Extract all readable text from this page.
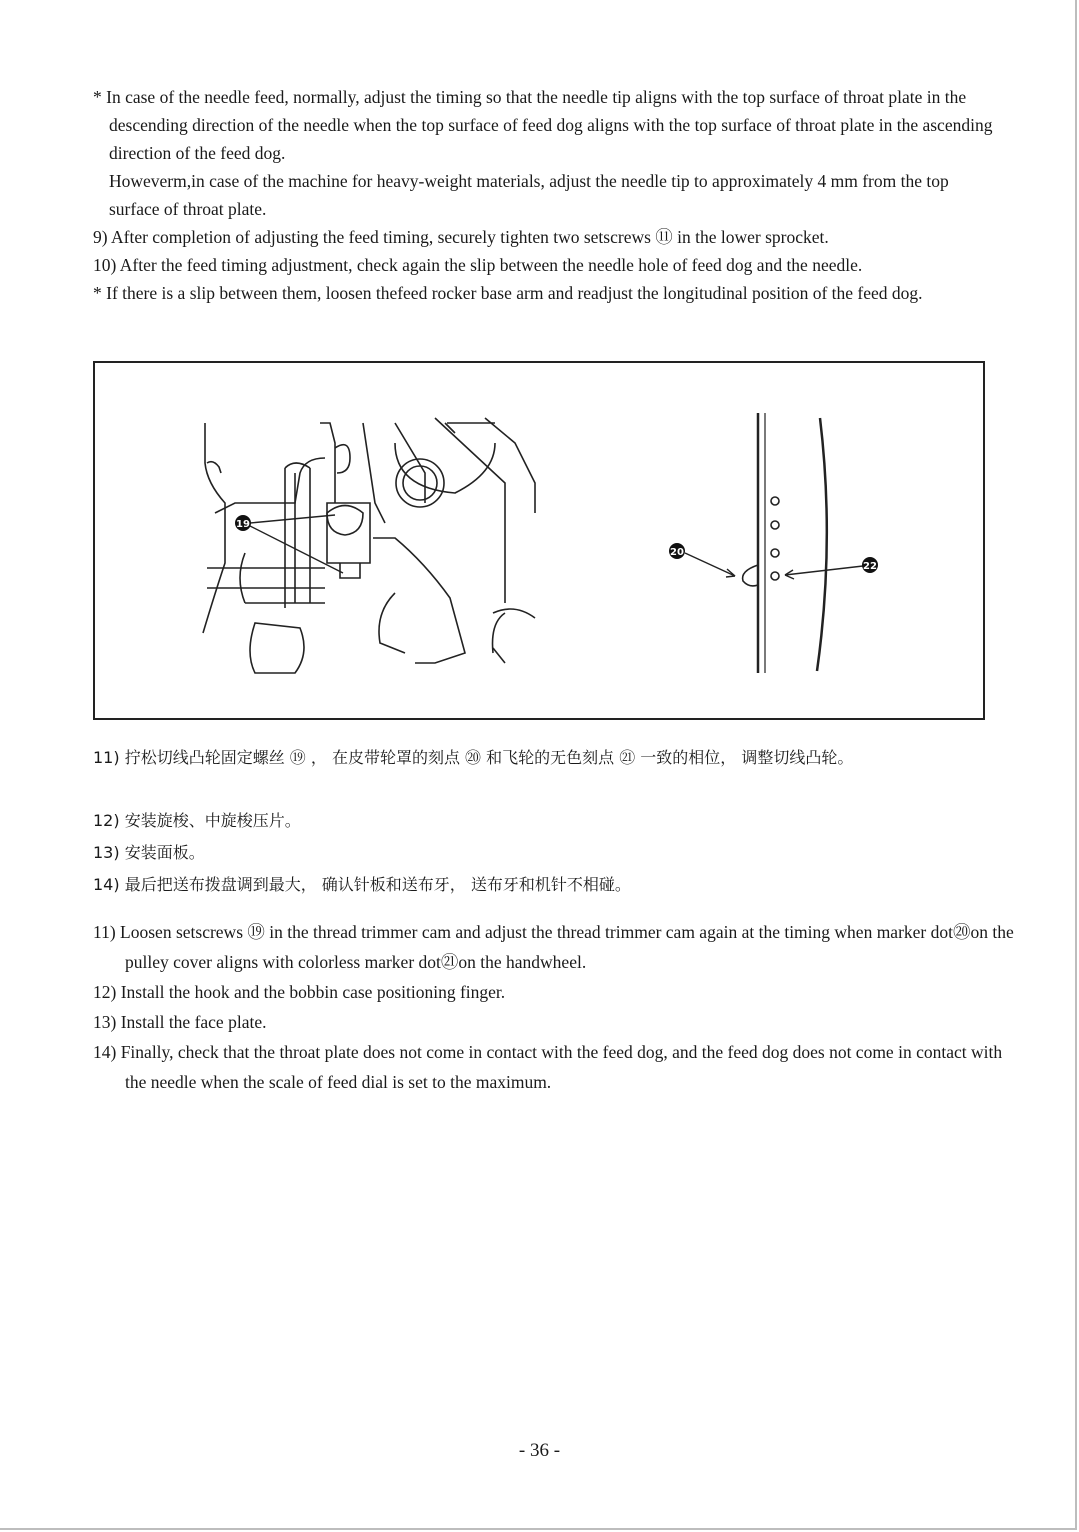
* In case of the needle feed, normally, adjust the timing so that the needle tip aligns with the top surface of throat plate in the descending direction of the needle when the top surface of feed dog aligns with the top surface of throat plate in the ascending direction of the feed dog.

Howeverm,in case of the machine for heavy-weight materials, adjust the needle tip to approximately 4 mm from the top surface of throat plate.

9) After completion of adjusting the feed timing, securely tighten two setscrews ⑪ in the lower sprocket.

10) After the feed timing adjustment, check again the slip between the needle hole of feed dog and the needle.

* If there is a slip between them, loosen thefeed rocker base arm and readjust the longitudinal position of the feed dog.

19
20
22

11) 拧松切线凸轮固定螺丝 ⑲ ， 在皮带轮罩的刻点 ⑳ 和飞轮的无色刻点 ㉑ 一致的相位， 调整切线凸轮。

12) 安装旋梭、中旋梭压片。

13) 安装面板。

14) 最后把送布拨盘调到最大， 确认针板和送布牙， 送布牙和机针不相碰。

11) Loosen setscrews ⑲ in the thread trimmer cam and adjust the thread trimmer cam again at the timing when marker dot⑳on the pulley cover aligns with colorless marker dot㉑on the handwheel.

12) Install the hook and the bobbin case positioning finger.

13) Install the face plate.

14) Finally, check that the throat plate does not come in contact with the feed dog, and the feed dog does not come in contact with the needle when the scale of feed dial is set to the maximum.

- 36 -
